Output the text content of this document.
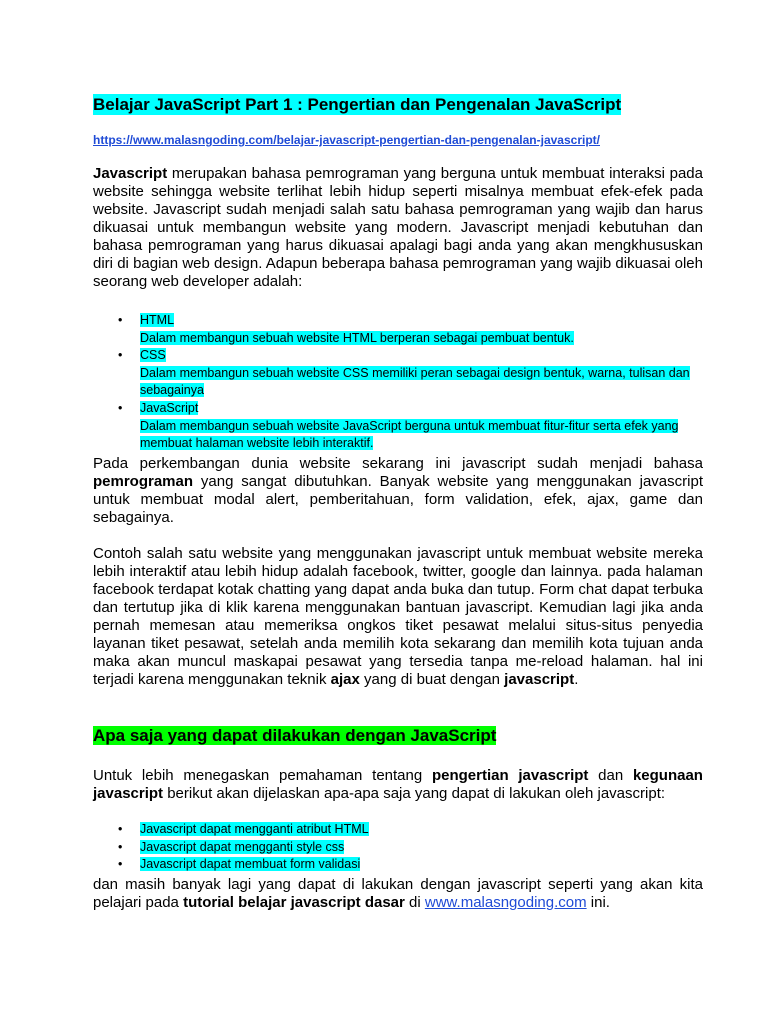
Belajar JavaScript Part 1 : Pengertian dan Pengenalan JavaScript
https://www.malasngoding.com/belajar-javascript-pengertian-dan-pengenalan-javascript/
Javascript merupakan bahasa pemrograman yang berguna untuk membuat interaksi pada website sehingga website terlihat lebih hidup seperti misalnya membuat efek-efek pada website. Javascript sudah menjadi salah satu bahasa pemrograman yang wajib dan harus dikuasai untuk membangun website yang modern. Javascript menjadi kebutuhan dan bahasa pemrograman yang harus dikuasai apalagi bagi anda yang akan mengkhususkan diri di bagian web design. Adapun beberapa bahasa pemrograman yang wajib dikuasai oleh seorang web developer adalah:
• HTML
Dalam membangun sebuah website HTML berperan sebagai pembuat bentuk.
• CSS
Dalam membangun sebuah website CSS memiliki peran sebagai design bentuk, warna, tulisan dan sebagainya
• JavaScript
Dalam membangun sebuah website JavaScript berguna untuk membuat fitur-fitur serta efek yang membuat halaman website lebih interaktif.
Pada perkembangan dunia website sekarang ini javascript sudah menjadi bahasa pemrograman yang sangat dibutuhkan. Banyak website yang menggunakan javascript untuk membuat modal alert, pemberitahuan, form validation, efek, ajax, game dan sebagainya.
Contoh salah satu website yang menggunakan javascript untuk membuat website mereka lebih interaktif atau lebih hidup adalah facebook, twitter, google dan lainnya. pada halaman facebook terdapat kotak chatting yang dapat anda buka dan tutup. Form chat dapat terbuka dan tertutup jika di klik karena menggunakan bantuan javascript. Kemudian lagi jika anda pernah memesan atau memeriksa ongkos tiket pesawat melalui situs-situs penyedia layanan tiket pesawat, setelah anda memilih kota sekarang dan memilih kota tujuan anda maka akan muncul maskapai pesawat yang tersedia tanpa me-reload halaman. hal ini terjadi karena menggunakan teknik ajax yang di buat dengan javascript.
Apa saja yang dapat dilakukan dengan JavaScript
Untuk lebih menegaskan pemahaman tentang pengertian javascript dan kegunaan javascript berikut akan dijelaskan apa-apa saja yang dapat di lakukan oleh javascript:
• Javascript dapat mengganti atribut HTML
• Javascript dapat mengganti style css
• Javascript dapat membuat form validasi
dan masih banyak lagi yang dapat di lakukan dengan javascript seperti yang akan kita pelajari pada tutorial belajar javascript dasar di www.malasngoding.com ini.
